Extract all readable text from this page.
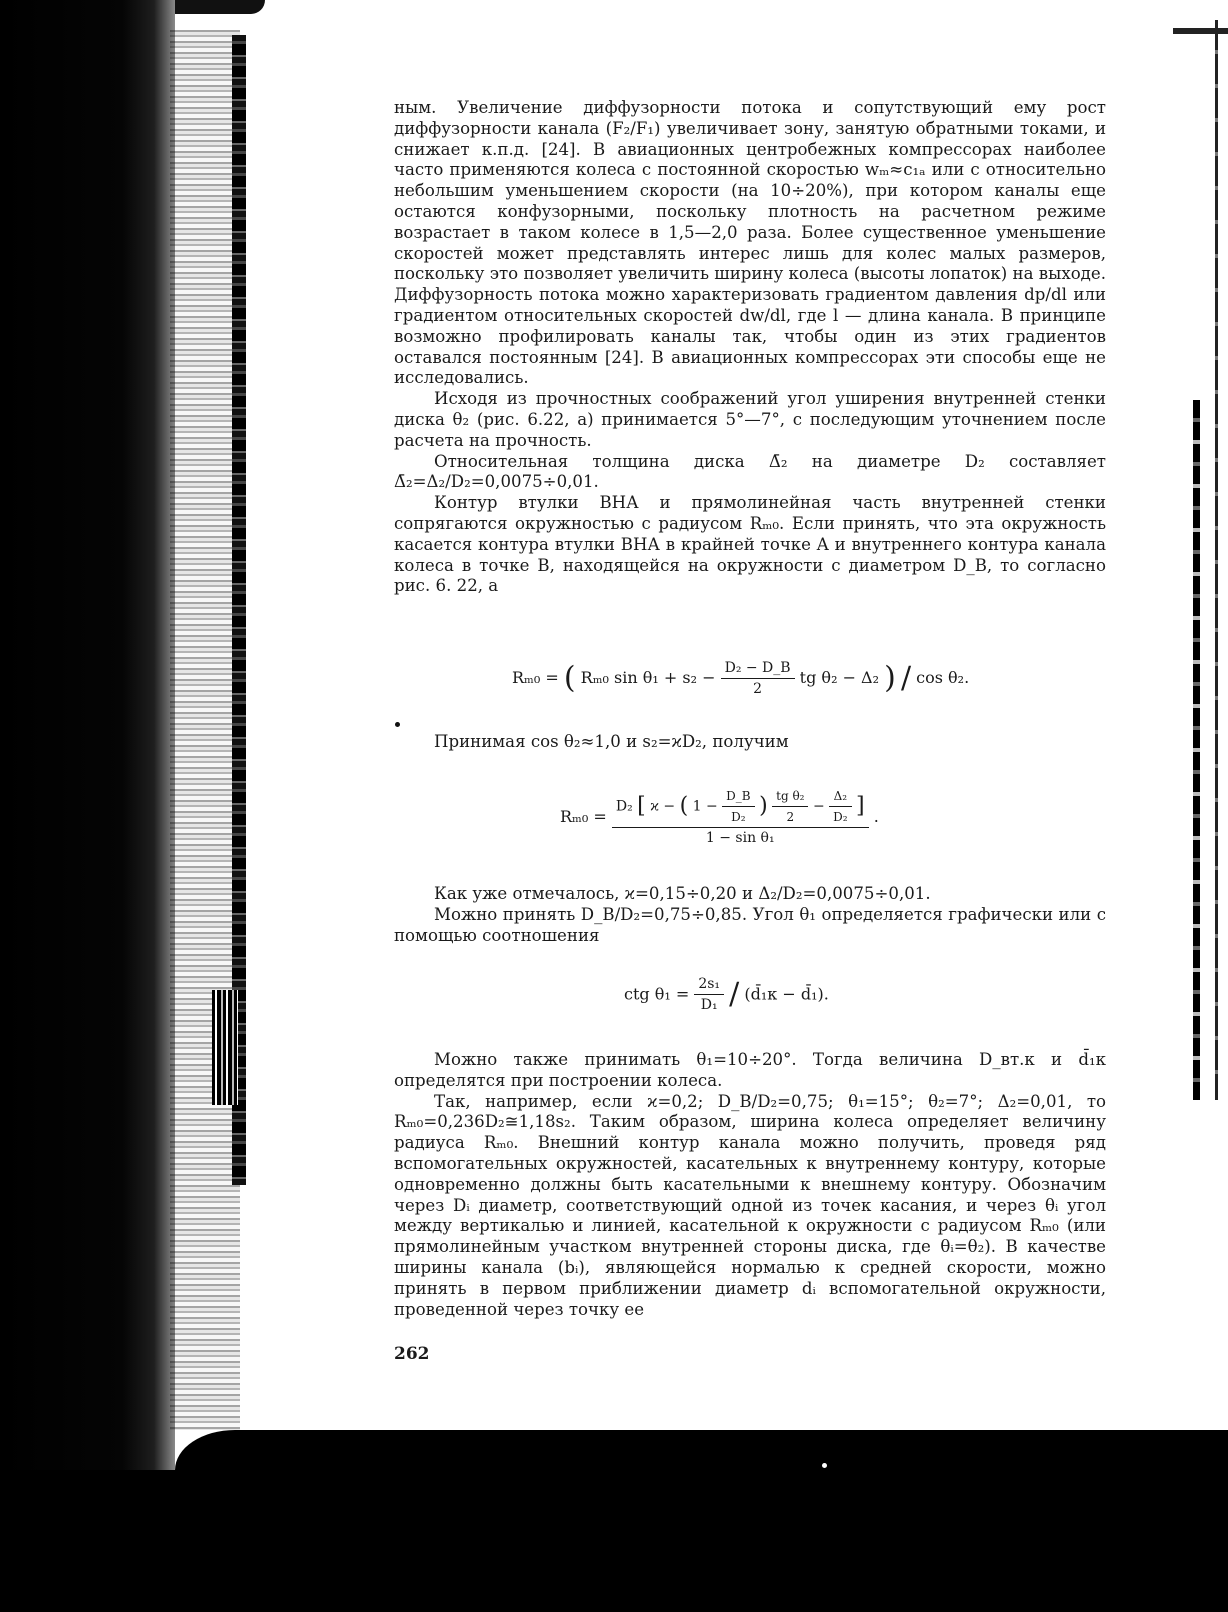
ным. Увеличение диффузорности потока и сопутствующий ему рост диффузорности канала (F₂/F₁) увеличивает зону, занятую обратными токами, и снижает к.п.д. [24]. В авиационных центробежных компрессорах наиболее часто применяются колеса с постоянной скоростью wₘ≈c₁ₐ или с относительно небольшим уменьшением скорости (на 10÷20%), при котором каналы еще остаются конфузорными, поскольку плотность на расчетном режиме возрастает в таком колесе в 1,5—2,0 раза. Более существенное уменьшение скоростей может представлять интерес лишь для колес малых размеров, поскольку это позволяет увеличить ширину колеса (высоты лопаток) на выходе. Диффузорность потока можно характеризовать градиентом давления dp/dl или градиентом относительных скоростей dw/dl, где l — длина канала. В принципе возможно профилировать каналы так, чтобы один из этих градиентов оставался постоянным [24]. В авиационных компрессорах эти способы еще не исследовались.

Исходя из прочностных соображений угол уширения внутренней стенки диска θ₂ (рис. 6.22, а) принимается 5°—7°, с последующим уточнением после расчета на прочность.

Относительная толщина диска Δ̄₂ на диаметре D₂ составляет Δ̄₂=Δ₂/D₂=0,0075÷0,01.

Контур втулки ВНА и прямолинейная часть внутренней стенки сопрягаются окружностью с радиусом Rₘ₀. Если принять, что эта окружность касается контура втулки ВНА в крайней точке A и внутреннего контура канала колеса в точке B, находящейся на окружности с диаметром D_B, то согласно рис. 6. 22, а

Rₘ₀ = ( Rₘ₀ $\sin \theta_1 + s_2 - \frac{\text{D₂ − D\_B}}{2}$ tg θ₂ − Δ₂ ) / cos θ₂.

Принимая cos θ₂≈1,0 и s₂=ϰD₂, получим

Rₘ₀ =
D₂ [ ϰ − ( $1 - \frac{D\_B}{\text{D₂}}$ ) $\frac{\text{tg θ₂}}{2} - \frac{\text{Δ₂}}{\text{D₂}}$ ]
1 − sin θ₁
.

Как уже отмечалось, ϰ=0,15÷0,20 и Δ₂/D₂=0,0075÷0,01.

Можно принять D_B/D₂=0,75÷0,85. Угол θ₁ определяется графически или с помощью соотношения

ctg $\theta_1 = \frac{\text{2s₁}}{\text{D₁}}$ / (d̄₁к − d̄₁).

Можно также принимать θ₁=10÷20°. Тогда величина D_вт.к и d̄₁к определятся при построении колеса.

Так, например, если ϰ=0,2; D_B/D₂=0,75; θ₁=15°; θ₂=7°; Δ₂=0,01, то Rₘ₀=0,236D₂≅1,18s₂. Таким образом, ширина колеса определяет величину радиуса Rₘ₀. Внешний контур канала можно получить, проведя ряд вспомогательных окружностей, касательных к внутреннему контуру, которые одновременно должны быть касательными к внешнему контуру. Обозначим через Dᵢ диаметр, соответствующий одной из точек касания, и через θᵢ угол между вертикалью и линией, касательной к окружности с радиусом Rₘ₀ (или прямолинейным участком внутренней стороны диска, где θᵢ=θ₂). В качестве ширины канала (bᵢ), являющейся нормалью к средней скорости, можно принять в первом приближении диаметр dᵢ вспомогательной окружности, проведенной через точку ее

262
